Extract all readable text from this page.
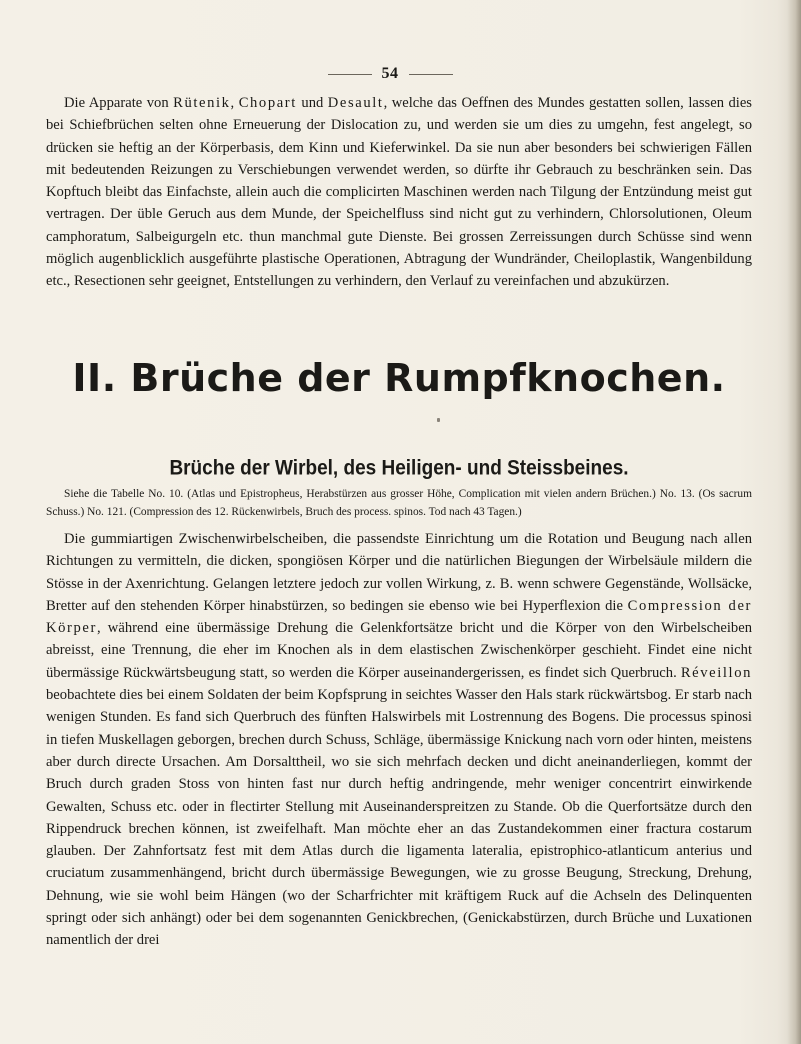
54

Die Apparate von Rütenik, Chopart und Desault, welche das Oeffnen des Mundes gestatten sollen, lassen dies bei Schiefbrüchen selten ohne Erneuerung der Dislocation zu, und werden sie um dies zu umgehn, fest angelegt, so drücken sie heftig an der Körperbasis, dem Kinn und Kieferwinkel. Da sie nun aber besonders bei schwierigen Fällen mit bedeutenden Reizungen zu Verschiebungen verwendet werden, so dürfte ihr Gebrauch zu beschränken sein. Das Kopftuch bleibt das Einfachste, allein auch die complicirten Maschinen werden nach Tilgung der Entzündung meist gut vertragen. Der üble Geruch aus dem Munde, der Speichelfluss sind nicht gut zu verhindern, Chlorsolutionen, Oleum camphoratum, Salbeigurgeln etc. thun manchmal gute Dienste. Bei grossen Zerreissungen durch Schüsse sind wenn möglich augenblicklich ausgeführte plastische Operationen, Abtragung der Wundränder, Cheiloplastik, Wangenbildung etc., Resectionen sehr geeignet, Entstellungen zu verhindern, den Verlauf zu vereinfachen und abzukürzen.

II. Brüche der Rumpfknochen.
Brüche der Wirbel, des Heiligen- und Steissbeines.

Siehe die Tabelle No. 10. (Atlas und Epistropheus, Herabstürzen aus grosser Höhe, Complication mit vielen andern Brüchen.) No. 13. (Os sacrum Schuss.) No. 121. (Compression des 12. Rückenwirbels, Bruch des process. spinos. Tod nach 43 Tagen.)

Die gummiartigen Zwischenwirbelscheiben, die passendste Einrichtung um die Rotation und Beugung nach allen Richtungen zu vermitteln, die dicken, spongiösen Körper und die natürlichen Biegungen der Wirbelsäule mildern die Stösse in der Axenrichtung. Gelangen letztere jedoch zur vollen Wirkung, z. B. wenn schwere Gegenstände, Wollsäcke, Bretter auf den stehenden Körper hinabstürzen, so bedingen sie ebenso wie bei Hyperflexion die Compression der Körper, während eine übermässige Drehung die Gelenkfortsätze bricht und die Körper von den Wirbelscheiben abreisst, eine Trennung, die eher im Knochen als in dem elastischen Zwischenkörper geschieht. Findet eine nicht übermässige Rückwärtsbeugung statt, so werden die Körper auseinandergerissen, es findet sich Querbruch. Réveillon beobachtete dies bei einem Soldaten der beim Kopfsprung in seichtes Wasser den Hals stark rückwärtsbog. Er starb nach wenigen Stunden. Es fand sich Querbruch des fünften Halswirbels mit Lostrennung des Bogens. Die processus spinosi in tiefen Muskellagen geborgen, brechen durch Schuss, Schläge, übermässige Knickung nach vorn oder hinten, meistens aber durch directe Ursachen. Am Dorsalttheil, wo sie sich mehrfach decken und dicht aneinanderliegen, kommt der Bruch durch graden Stoss von hinten fast nur durch heftig andringende, mehr weniger concentrirt einwirkende Gewalten, Schuss etc. oder in flectirter Stellung mit Auseinanderspreitzen zu Stande. Ob die Querfortsätze durch den Rippendruck brechen können, ist zweifelhaft. Man möchte eher an das Zustandekommen einer fractura costarum glauben. Der Zahnfortsatz fest mit dem Atlas durch die ligamenta lateralia, epistrophico-atlanticum anterius und cruciatum zusammenhängend, bricht durch übermässige Bewegungen, wie zu grosse Beugung, Streckung, Drehung, Dehnung, wie sie wohl beim Hängen (wo der Scharfrichter mit kräftigem Ruck auf die Achseln des Delinquenten springt oder sich anhängt) oder bei dem sogenannten Genickbrechen, (Genickabstürzen, durch Brüche und Luxationen namentlich der drei
